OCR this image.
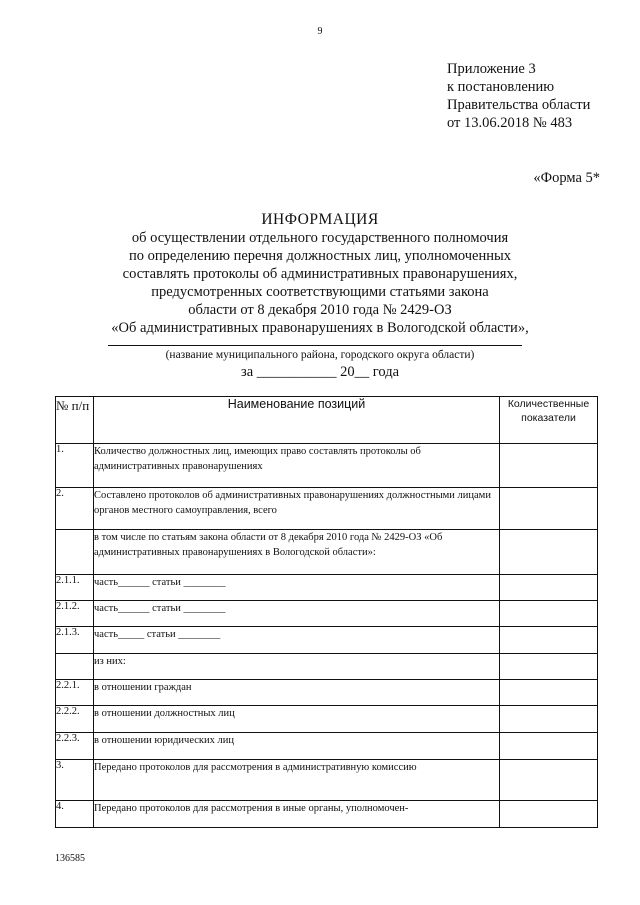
9
Приложение 3
к постановлению
Правительства области
от 13.06.2018 № 483
«Форма 5*
ИНФОРМАЦИЯ
об осуществлении отдельного государственного полномочия
по определению перечня должностных лиц, уполномоченных
составлять протоколы об административных правонарушениях,
предусмотренных соответствующими статьями закона
области от 8 декабря 2010 года № 2429-ОЗ
«Об административных правонарушениях в Вологодской области»,
(название муниципального района, городского округа области)
за ___________ 20__ года
№ п/п	Наименование позиций	Количественные показатели
1.	Количество должностных лиц, имеющих право составлять протоколы об административных правонарушениях	
2.	Составлено протоколов об административных правонарушениях должностными лицами органов местного самоуправления, всего	
	в том числе по статьям закона области от 8 декабря 2010 года № 2429-ОЗ «Об административных правонарушениях в Вологодской области»:	
2.1.1.	часть______ статьи ________	
2.1.2.	часть______ статьи ________	
2.1.3.	часть_____ статьи ________	
	из них:	
2.2.1.	в отношении граждан	
2.2.2.	в отношении должностных лиц	
2.2.3.	в отношении юридических лиц	
3.	Передано протоколов для рассмотрения в административную комиссию	
4.	Передано протоколов для рассмотрения в иные органы, уполномочен-	
136585
